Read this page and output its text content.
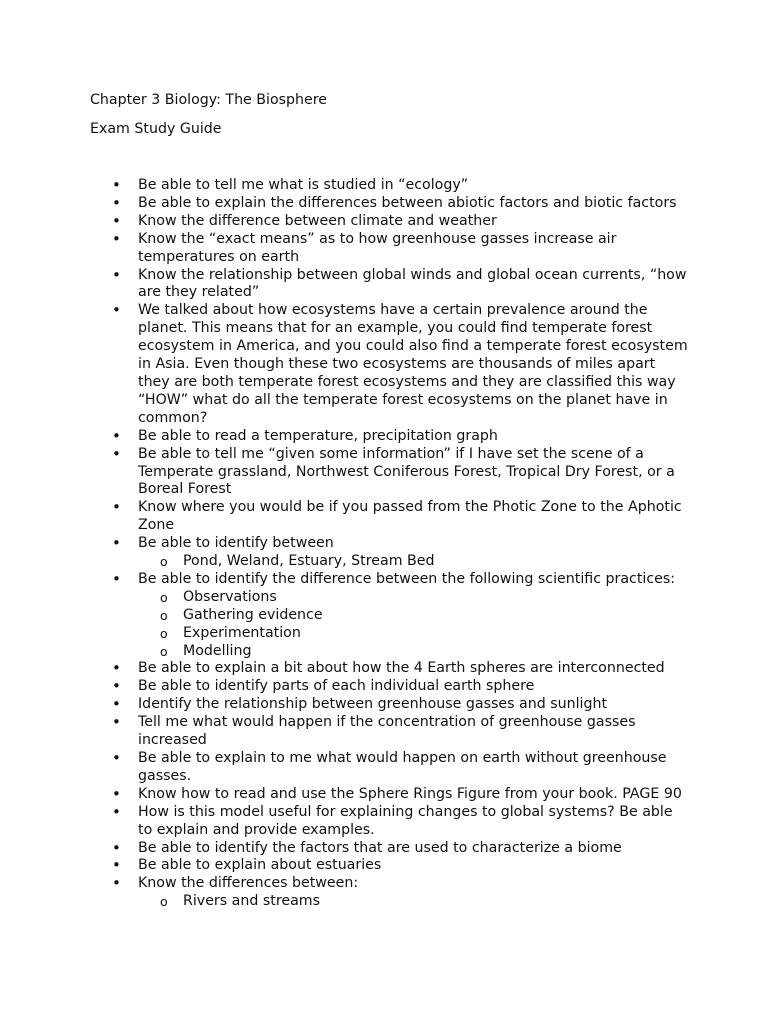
Chapter 3 Biology: The Biosphere

Exam Study Guide

• Be able to tell me what is studied in “ecology”
• Be able to explain the differences between abiotic factors and biotic factors
• Know the difference between climate and weather
• Know the “exact means” as to how greenhouse gasses increase air temperatures on earth
• Know the relationship between global winds and global ocean currents, “how are they related”
• We talked about how ecosystems have a certain prevalence around the planet. This means that for an example, you could find temperate forest ecosystem in America, and you could also find a temperate forest ecosystem in Asia. Even though these two ecosystems are thousands of miles apart they are both temperate forest ecosystems and they are classified this way “HOW” what do all the temperate forest ecosystems on the planet have in common?
• Be able to read a temperature, precipitation graph
• Be able to tell me “given some information” if I have set the scene of a Temperate grassland, Northwest Coniferous Forest, Tropical Dry Forest, or a Boreal Forest
• Know where you would be if you passed from the Photic Zone to the Aphotic Zone
• Be able to identify between
o Pond, Weland, Estuary, Stream Bed
• Be able to identify the difference between the following scientific practices:
o Observations
o Gathering evidence
o Experimentation
o Modelling
• Be able to explain a bit about how the 4 Earth spheres are interconnected
• Be able to identify parts of each individual earth sphere
• Identify the relationship between greenhouse gasses and sunlight
• Tell me what would happen if the concentration of greenhouse gasses increased
• Be able to explain to me what would happen on earth without greenhouse gasses.
• Know how to read and use the Sphere Rings Figure from your book. PAGE 90
• How is this model useful for explaining changes to global systems? Be able to explain and provide examples.
• Be able to identify the factors that are used to characterize a biome
• Be able to explain about estuaries
• Know the differences between:
o Rivers and streams
